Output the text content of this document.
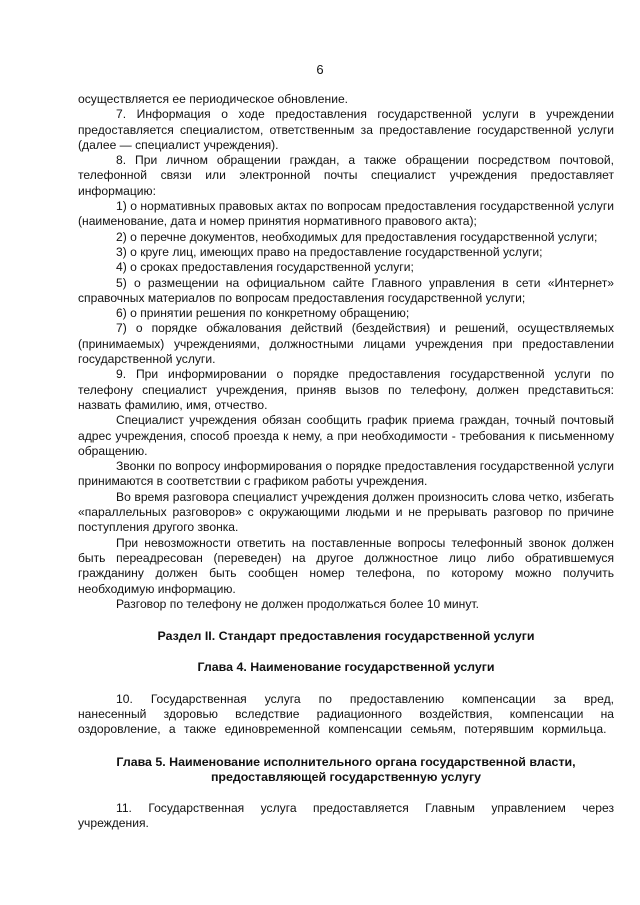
6

осуществляется ее периодическое обновление.

7. Информация о ходе предоставления государственной услуги в учреждении предоставляется специалистом, ответственным за предоставление государственной услуги (далее — специалист учреждения).

8. При личном обращении граждан, а также обращении посредством почтовой, телефонной связи или электронной почты специалист учреждения предоставляет информацию:

1) о нормативных правовых актах по вопросам предоставления государственной услуги (наименование, дата и номер принятия нормативного правового акта);

2) о перечне документов, необходимых для предоставления государственной услуги;

3) о круге лиц, имеющих право на предоставление государственной услуги;

4) о сроках предоставления государственной услуги;

5) о размещении на официальном сайте Главного управления в сети «Интернет» справочных материалов по вопросам предоставления государственной услуги;

6) о принятии решения по конкретному обращению;

7) о порядке обжалования действий (бездействия) и решений, осуществляемых (принимаемых) учреждениями, должностными лицами учреждения при предоставлении государственной услуги.

9. При информировании о порядке предоставления государственной услуги по телефону специалист учреждения, приняв вызов по телефону, должен представиться: назвать фамилию, имя, отчество.

Специалист учреждения обязан сообщить график приема граждан, точный почтовый адрес учреждения, способ проезда к нему, а при необходимости - требования к письменному обращению.

Звонки по вопросу информирования о порядке предоставления государственной услуги принимаются в соответствии с графиком работы учреждения.

Во время разговора специалист учреждения должен произносить слова четко, избегать «параллельных разговоров» с окружающими людьми и не прерывать разговор по причине поступления другого звонка.

При невозможности ответить на поставленные вопросы телефонный звонок должен быть переадресован (переведен) на другое должностное лицо либо обратившемуся гражданину должен быть сообщен номер телефона, по которому можно получить необходимую информацию.

Разговор по телефону не должен продолжаться более 10 минут.

Раздел II. Стандарт предоставления государственной услуги

Глава 4. Наименование государственной услуги

10. Государственная услуга по предоставлению компенсации за вред, нанесенный здоровью вследствие радиационного воздействия, компенсации на оздоровление, а также единовременной компенсации семьям, потерявшим кормильца.

Глава 5. Наименование исполнительного органа государственной власти, предоставляющей государственную услугу

11. Государственная услуга предоставляется Главным управлением через учреждения.
